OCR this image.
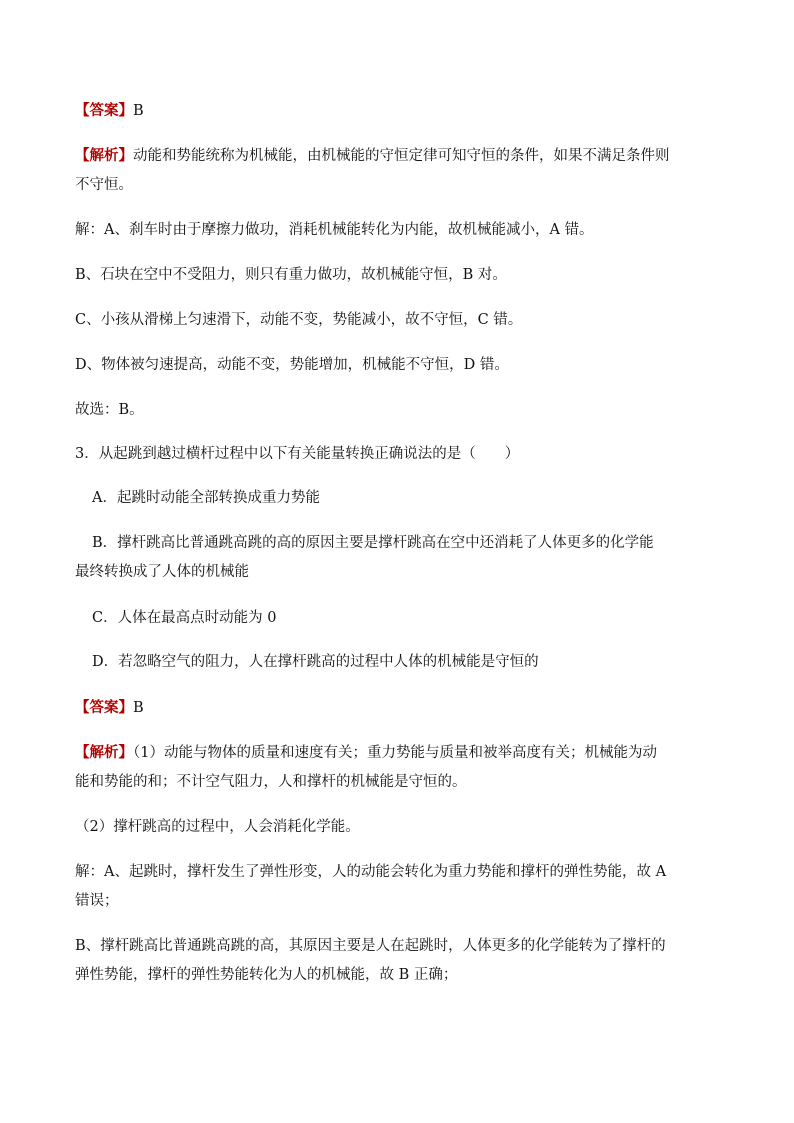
【答案】B
【解析】动能和势能统称为机械能，由机械能的守恒定律可知守恒的条件，如果不满足条件则
不守恒。
解：A、刹车时由于摩擦力做功，消耗机械能转化为内能，故机械能减小，A 错。
B、石块在空中不受阻力，则只有重力做功，故机械能守恒，B 对。
C、小孩从滑梯上匀速滑下，动能不变，势能减小，故不守恒，C 错。
D、物体被匀速提高，动能不变，势能增加，机械能不守恒，D 错。
故选：B。
3．从起跳到越过横杆过程中以下有关能量转换正确说法的是（　　）
A．起跳时动能全部转换成重力势能
B．撑杆跳高比普通跳高跳的高的原因主要是撑杆跳高在空中还消耗了人体更多的化学能
最终转换成了人体的机械能
C．人体在最高点时动能为 0
D．若忽略空气的阻力，人在撑杆跳高的过程中人体的机械能是守恒的
【答案】B
【解析】（1）动能与物体的质量和速度有关；重力势能与质量和被举高度有关；机械能为动
能和势能的和；不计空气阻力，人和撑杆的机械能是守恒的。
（2）撑杆跳高的过程中，人会消耗化学能。
解：A、起跳时，撑杆发生了弹性形变，人的动能会转化为重力势能和撑杆的弹性势能，故 A
错误；
B、撑杆跳高比普通跳高跳的高，其原因主要是人在起跳时，人体更多的化学能转为了撑杆的
弹性势能，撑杆的弹性势能转化为人的机械能，故 B 正确；
